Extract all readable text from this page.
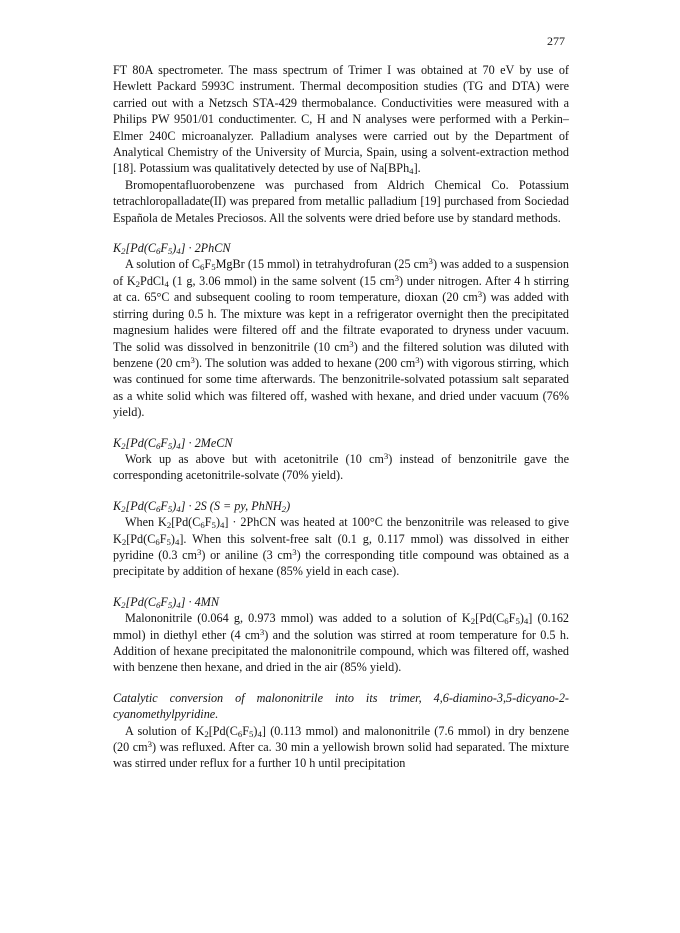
277

FT 80A spectrometer. The mass spectrum of Trimer I was obtained at 70 eV by use of Hewlett Packard 5993C instrument. Thermal decomposition studies (TG and DTA) were carried out with a Netzsch STA-429 thermobalance. Conductivities were measured with a Philips PW 9501/01 conductimenter. C, H and N analyses were performed with a Perkin–Elmer 240C microanalyzer. Palladium analyses were carried out by the Department of Analytical Chemistry of the University of Murcia, Spain, using a solvent-extraction method [18]. Potassium was qualitatively detected by use of Na[BPh$_4$].

Bromopentafluorobenzene was purchased from Aldrich Chemical Co. Potassium tetrachloropalladate(II) was prepared from metallic palladium [19] purchased from Sociedad Española de Metales Preciosos. All the solvents were dried before use by standard methods.

$K_2[Pd(C_6F_5)_4]$ · 2PhCN

A solution of $C_6F_5MgBr$ (15 mmol) in tetrahydrofuran (25 $cm^3$) was added to a suspension of $K_2PdCl_4$ (1 g, 3.06 mmol) in the same solvent (15 $cm^3$) under nitrogen. After 4 h stirring at ca. 65°C and subsequent cooling to room temperature, dioxan (20 $cm^3$) was added with stirring during 0.5 h. The mixture was kept in a refrigerator overnight then the precipitated magnesium halides were filtered off and the filtrate evaporated to dryness under vacuum. The solid was dissolved in benzonitrile (10 $cm^3$) and the filtered solution was diluted with benzene (20 $cm^3$). The solution was added to hexane (200 $cm^3$) with vigorous stirring, which was continued for some time afterwards. The benzonitrile-solvated potassium salt separated as a white solid which was filtered off, washed with hexane, and dried under vacuum (76% yield).

$K_2[Pd(C_6F_5)_4]$ · 2MeCN

Work up as above but with acetonitrile (10 $cm^3$) instead of benzonitrile gave the corresponding acetonitrile-solvate (70% yield).

$K_2[Pd(C_6F_5)_4] \cdot 2S$ (S = py, PhNH$_2$)

When $K_2[Pd(C_6F_5)_4]$ · 2PhCN was heated at 100°C the benzonitrile was released to give $K_2[Pd(C_6F_5)_4]$. When this solvent-free salt (0.1 g, 0.117 mmol) was dissolved in either pyridine (0.3 $cm^3$) or aniline (3 $cm^3$) the corresponding title compound was obtained as a precipitate by addition of hexane (85% yield in each case).

$K_2[Pd(C_6F_5)_4] \cdot 4MN$

Malononitrile (0.064 g, 0.973 mmol) was added to a solution of $K_2[Pd(C_6F_5)_4]$ (0.162 mmol) in diethyl ether (4 $cm^3$) and the solution was stirred at room temperature for 0.5 h. Addition of hexane precipitated the malononitrile compound, which was filtered off, washed with benzene then hexane, and dried in the air (85% yield).

Catalytic conversion of malononitrile into its trimer, 4,6-diamino-3,5-dicyano-2-cyanomethylpyridine.

A solution of $K_2[Pd(C_6F_5)_4]$ (0.113 mmol) and malononitrile (7.6 mmol) in dry benzene (20 $cm^3$) was refluxed. After ca. 30 min a yellowish brown solid had separated. The mixture was stirred under reflux for a further 10 h until precipitation
